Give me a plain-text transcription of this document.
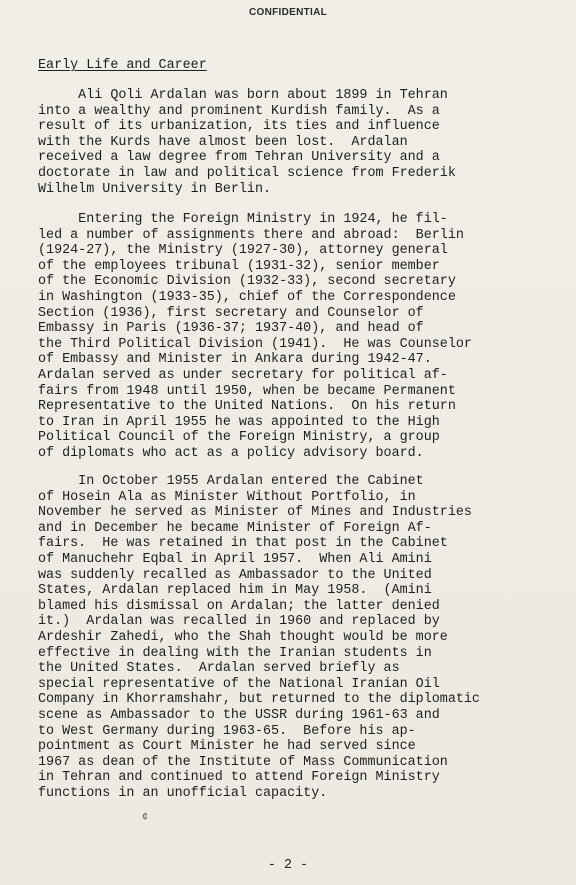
CONFIDENTIAL
Early Life and Career

Ali Qoli Ardalan was born about 1899 in Tehran
into a wealthy and prominent Kurdish family.  As a
result of its urbanization, its ties and influence
with the Kurds have almost been lost.  Ardalan
received a law degree from Tehran University and a
doctorate in law and political science from Frederik
Wilhelm University in Berlin.

Entering the Foreign Ministry in 1924, he fil-
led a number of assignments there and abroad:  Berlin
(1924-27), the Ministry (1927-30), attorney general
of the employees tribunal (1931-32), senior member
of the Economic Division (1932-33), second secretary
in Washington (1933-35), chief of the Correspondence
Section (1936), first secretary and Counselor of
Embassy in Paris (1936-37; 1937-40), and head of
the Third Political Division (1941).  He was Counselor
of Embassy and Minister in Ankara during 1942-47.
Ardalan served as under secretary for political af-
fairs from 1948 until 1950, when be became Permanent
Representative to the United Nations.  On his return
to Iran in April 1955 he was appointed to the High
Political Council of the Foreign Ministry, a group
of diplomats who act as a policy advisory board.

In October 1955 Ardalan entered the Cabinet
of Hosein Ala as Minister Without Portfolio, in
November he served as Minister of Mines and Industries
and in December he became Minister of Foreign Af-
fairs.  He was retained in that post in the Cabinet
of Manuchehr Eqbal in April 1957.  When Ali Amini
was suddenly recalled as Ambassador to the United
States, Ardalan replaced him in May 1958.  (Amini
blamed his dismissal on Ardalan; the latter denied
it.)  Ardalan was recalled in 1960 and replaced by
Ardeshir Zahedi, who the Shah thought would be more
effective in dealing with the Iranian students in
the United States.  Ardalan served briefly as
special representative of the National Iranian Oil
Company in Khorramshahr, but returned to the diplomatic
scene as Ambassador to the USSR during 1961-63 and
to West Germany during 1963-65.  Before his ap-
pointment as Court Minister he had served since
1967 as dean of the Institute of Mass Communication
in Tehran and continued to attend Foreign Ministry
functions in an unofficial capacity.

¢
- 2 -
